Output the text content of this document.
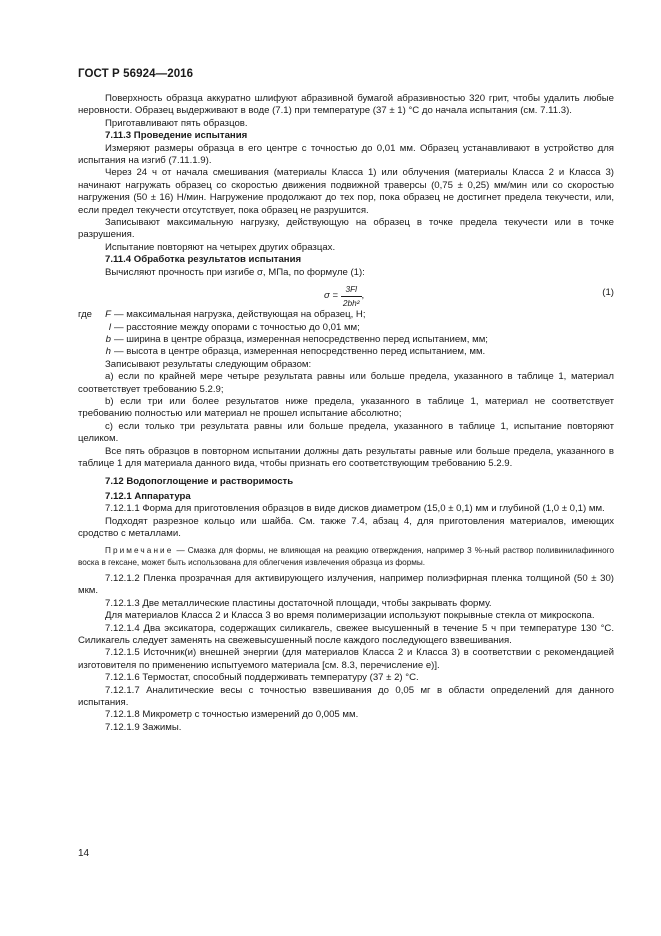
ГОСТ Р 56924—2016

Поверхность образца аккуратно шлифуют абразивной бумагой абразивностью 320 грит, чтобы удалить любые неровности. Образец выдерживают в воде (7.1) при температуре (37 ± 1) °С до начала испытания (см. 7.11.3).

Приготавливают пять образцов.

7.11.3 Проведение испытания

Измеряют размеры образца в его центре с точностью до 0,01 мм. Образец устанавливают в устройство для испытания на изгиб (7.11.1.9).

Через 24 ч от начала смешивания (материалы Класса 1) или облучения (материалы Класса 2 и Класса 3) начинают нагружать образец со скоростью движения подвижной траверсы (0,75 ± 0,25) мм/мин или со скоростью нагружения (50 ± 16) Н/мин. Нагружение продолжают до тех пор, пока образец не достигнет предела текучести, или, если предел текучести отсутствует, пока образец не разрушится.

Записывают максимальную нагрузку, действующую на образец в точке предела текучести или в точке разрушения.

Испытание повторяют на четырех других образцах.

7.11.4 Обработка результатов испытания

Вычисляют прочность при изгибе σ, МПа, по формуле (1):

$\sigma = \frac{3Fl}{\text{2bh²}}$ ,	(1)
где	F — максимальная нагрузка, действующая на образец, Н;
l — расстояние между опорами с точностью до 0,01 мм;
b — ширина в центре образца, измеренная непосредственно перед испытанием, мм;
h — высота в центре образца, измеренная непосредственно перед испытанием, мм.

Записывают результаты следующим образом:

а) если по крайней мере четыре результата равны или больше предела, указанного в таблице 1, материал соответствует требованию 5.2.9;

b) если три или более результатов ниже предела, указанного в таблице 1, материал не соответствует требованию полностью или материал не прошел испытание абсолютно;

с) если только три результата равны или больше предела, указанного в таблице 1, испытание повторяют целиком.

Все пять образцов в повторном испытании должны дать результаты равные или больше предела, указанного в таблице 1 для материала данного вида, чтобы признать его соответствующим требованию 5.2.9.

7.12 Водопоглощение и растворимость

7.12.1 Аппаратура

7.12.1.1 Форма для приготовления образцов в виде дисков диаметром (15,0 ± 0,1) мм и глубиной (1,0 ± 0,1) мм.

Подходят разрезное кольцо или шайба. См. также 7.4, абзац 4, для приготовления материалов, имеющих сродство с металлами.

Примечание — Смазка для формы, не влияющая на реакцию отверждения, например 3 %-ный раствор поливинилафинного воска в гексане, может быть использована для облегчения извлечения образца из формы.

7.12.1.2 Пленка прозрачная для активирующего излучения, например полиэфирная пленка толщиной (50 ± 30) мкм.

7.12.1.3 Две металлические пластины достаточной площади, чтобы закрывать форму.

Для материалов Класса 2 и Класса 3 во время полимеризации используют покрывные стекла от микроскопа.

7.12.1.4 Два эксикатора, содержащих силикагель, свежее высушенный в течение 5 ч при температуре 130 °С. Силикагель следует заменять на свежевысушенный после каждого последующего взвешивания.

7.12.1.5 Источник(и) внешней энергии (для материалов Класса 2 и Класса 3) в соответствии с рекомендацией изготовителя по применению испытуемого материала [см. 8.3, перечисление е)].

7.12.1.6 Термостат, способный поддерживать температуру (37 ± 2) °С.

7.12.1.7 Аналитические весы с точностью взвешивания до 0,05 мг в области определений для данного испытания.

7.12.1.8 Микрометр с точностью измерений до 0,005 мм.

7.12.1.9 Зажимы.

14
